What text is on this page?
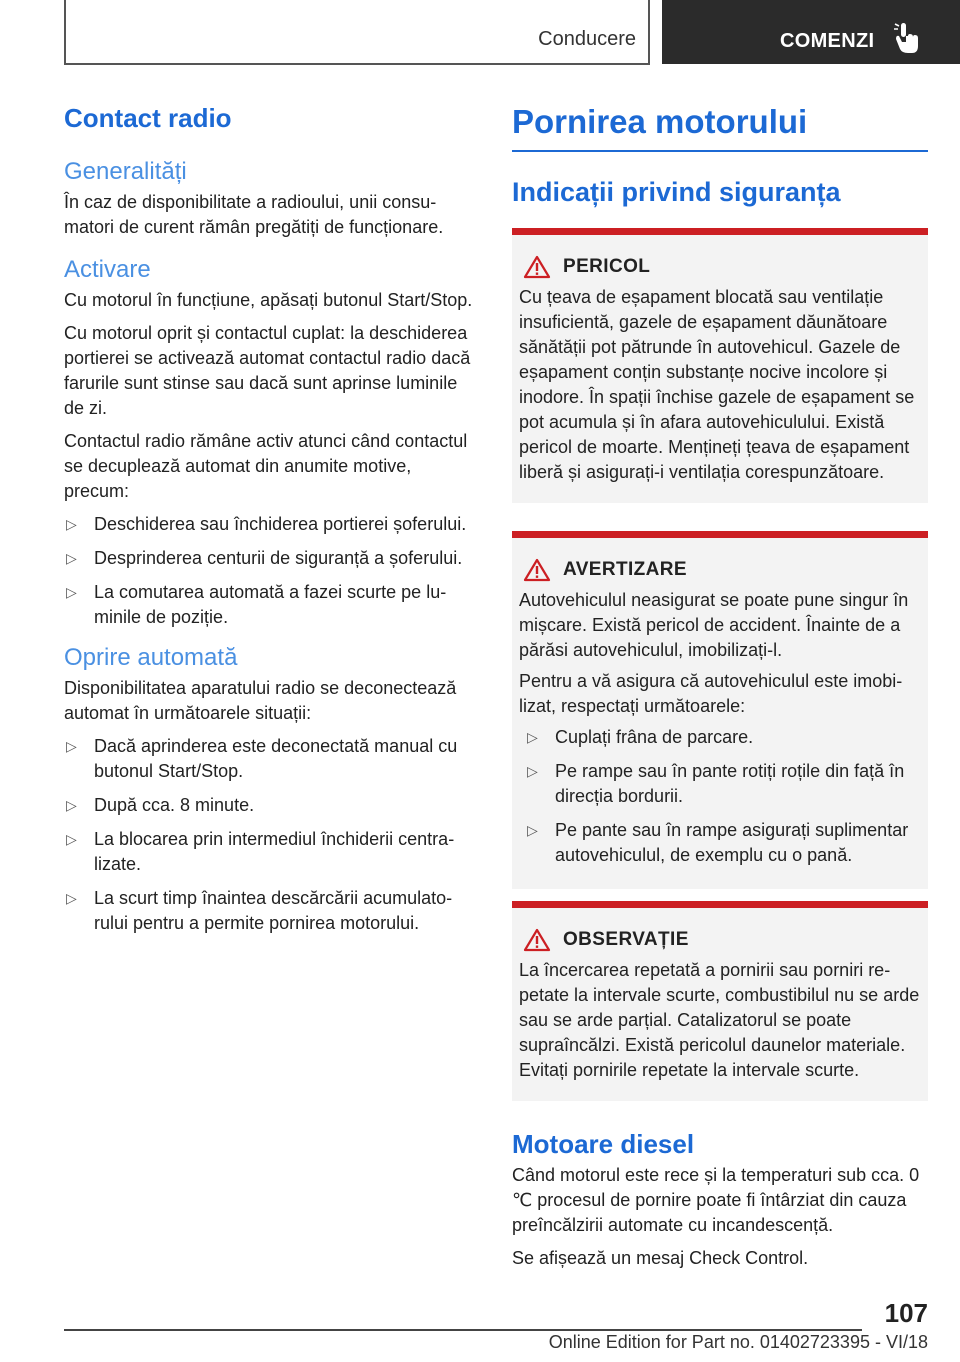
Conducere	COMENZI
Contact radio
Generalități

În caz de disponibilitate a radioului, unii consumatori de curent rămân pregătiți de funcționare.

Activare

Cu motorul în funcțiune, apăsați butonul Start/Stop.

Cu motorul oprit și contactul cuplat: la deschiderea portierei se activează automat contactul radio dacă farurile sunt stinse sau dacă sunt aprinse luminile de zi.

Contactul radio rămâne activ atunci când contactul se decuplează automat din anumite motive, precum:

▷ Deschiderea sau închiderea portierei șoferului.
▷ Desprinderea centurii de siguranță a șoferului.
▷ La comutarea automată a fazei scurte pe luminile de poziție.
Oprire automată

Disponibilitatea aparatului radio se deconectează automat în următoarele situații:

▷ Dacă aprinderea este deconectată manual cu butonul Start/Stop.
▷ După cca. 8 minute.
▷ La blocarea prin intermediul închiderii centralizate.
▷ La scurt timp înaintea descărcării acumulatorului pentru a permite pornirea motorului.
Pornirea motorului
Indicații privind siguranța
PERICOL

Cu țeava de eșapament blocată sau ventilație insuficientă, gazele de eșapament dăunătoare sănătății pot pătrunde în autovehicul. Gazele de eșapament conțin substanțe nocive incolore și inodore. În spații închise gazele de eșapament se pot acumula și în afara autovehiculului. Există pericol de moarte. Mențineți țeava de eșapament liberă și asigurați-i ventilația corespunzătoare.

AVERTIZARE

Autovehiculul neasigurat se poate pune singur în mișcare. Există pericol de accident. Înainte de a părăsi autovehiculul, imobilizați-l.

Pentru a vă asigura că autovehiculul este imobilizat, respectați următoarele:

▷ Cuplați frâna de parcare.
▷ Pe rampe sau în pante rotiți roțile din față în direcția bordurii.
▷ Pe pante sau în rampe asigurați suplimentar autovehiculul, de exemplu cu o pană.
OBSERVAȚIE

La încercarea repetată a pornirii sau porniri repetate la intervale scurte, combustibilul nu se arde sau se arde parțial. Catalizatorul se poate supraîncălzi. Există pericolul daunelor materiale. Evitați pornirile repetate la intervale scurte.

Motoare diesel

Când motorul este rece și la temperaturi sub cca. 0 ℃ procesul de pornire poate fi întârziat din cauza preîncălzirii automate cu incandescență.

Se afișează un mesaj Check Control.

107
Online Edition for Part no. 01402723395 - VI/18
